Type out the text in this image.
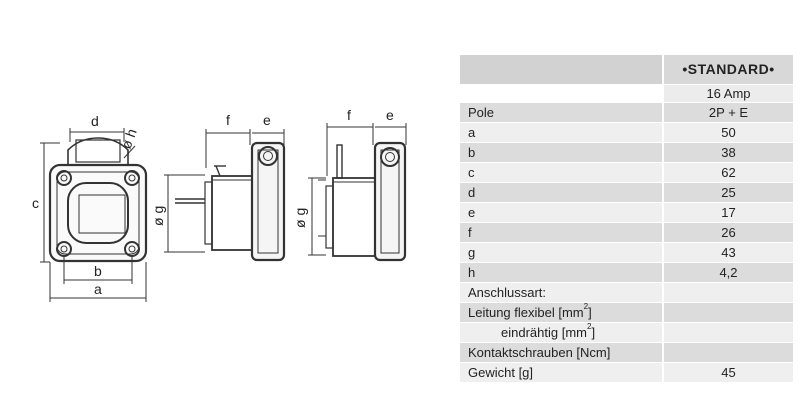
d
ø h
c
b
a
f e
ø g
f	e
ø g
•STANDARD•
16 Amp
Pole	2P + E
a	50
b	38
c	62
d	25
e	17
f	26
g	43
h	4,2
Anschlussart:
Leitung flexibel $[mm^2]$
eindrähtig $[mm^2]$
Kontaktschrauben [Ncm]
Gewicht [g]	45
